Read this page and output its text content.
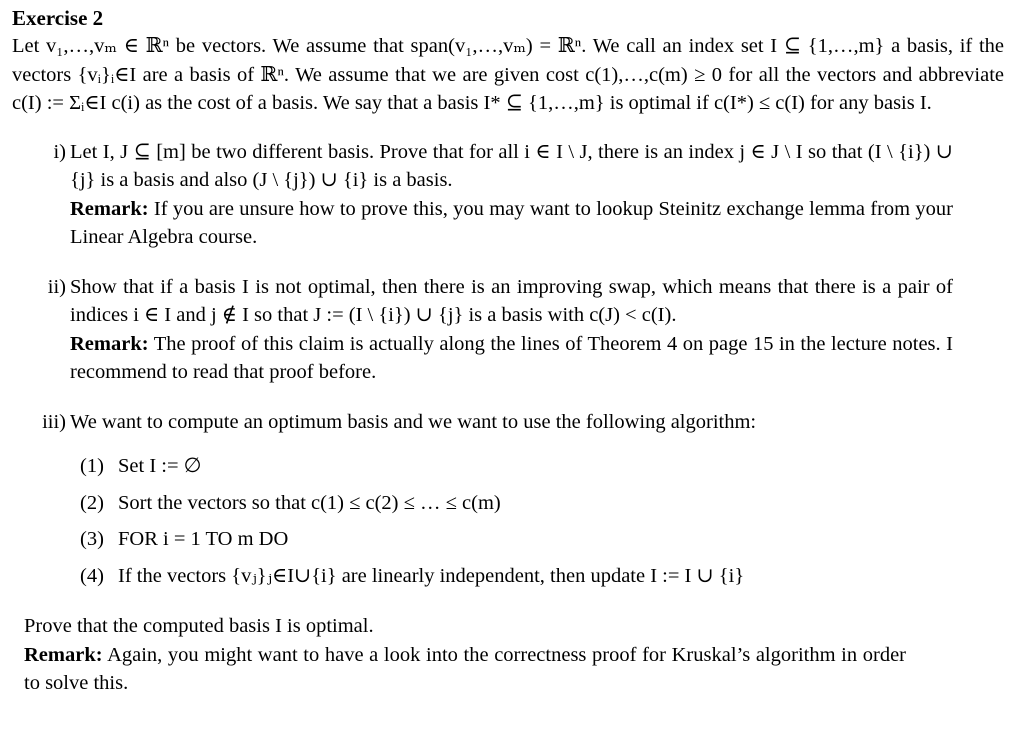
Exercise 2

Let v₁,…,vₘ ∈ ℝⁿ be vectors. We assume that span(v₁,…,vₘ) = ℝⁿ. We call an index set I ⊆ {1,…,m} a basis, if the vectors {vᵢ}ᵢ∈I are a basis of ℝⁿ. We assume that we are given cost c(1),…,c(m) ≥ 0 for all the vectors and abbreviate c(I) := Σᵢ∈I c(i) as the cost of a basis. We say that a basis I* ⊆ {1,…,m} is optimal if c(I*) ≤ c(I) for any basis I.

i) Let I, J ⊆ [m] be two different basis. Prove that for all i ∈ I \ J, there is an index j ∈ J \ I so that (I \ {i}) ∪ {j} is a basis and also (J \ {j}) ∪ {i} is a basis.

Remark: If you are unsure how to prove this, you may want to lookup Steinitz exchange lemma from your Linear Algebra course.

ii) Show that if a basis I is not optimal, then there is an improving swap, which means that there is a pair of indices i ∈ I and j ∉ I so that J := (I \ {i}) ∪ {j} is a basis with c(J) < c(I).

Remark: The proof of this claim is actually along the lines of Theorem 4 on page 15 in the lecture notes. I recommend to read that proof before.

iii) We want to compute an optimum basis and we want to use the following algorithm:

(1) Set I := ∅
(2) Sort the vectors so that c(1) ≤ c(2) ≤ … ≤ c(m)
(3) FOR i = 1 TO m DO
(4) If the vectors {vⱼ}ⱼ∈I∪{i} are linearly independent, then update I := I ∪ {i}

Prove that the computed basis I is optimal.

Remark: Again, you might want to have a look into the correctness proof for Kruskal’s algorithm in order to solve this.
